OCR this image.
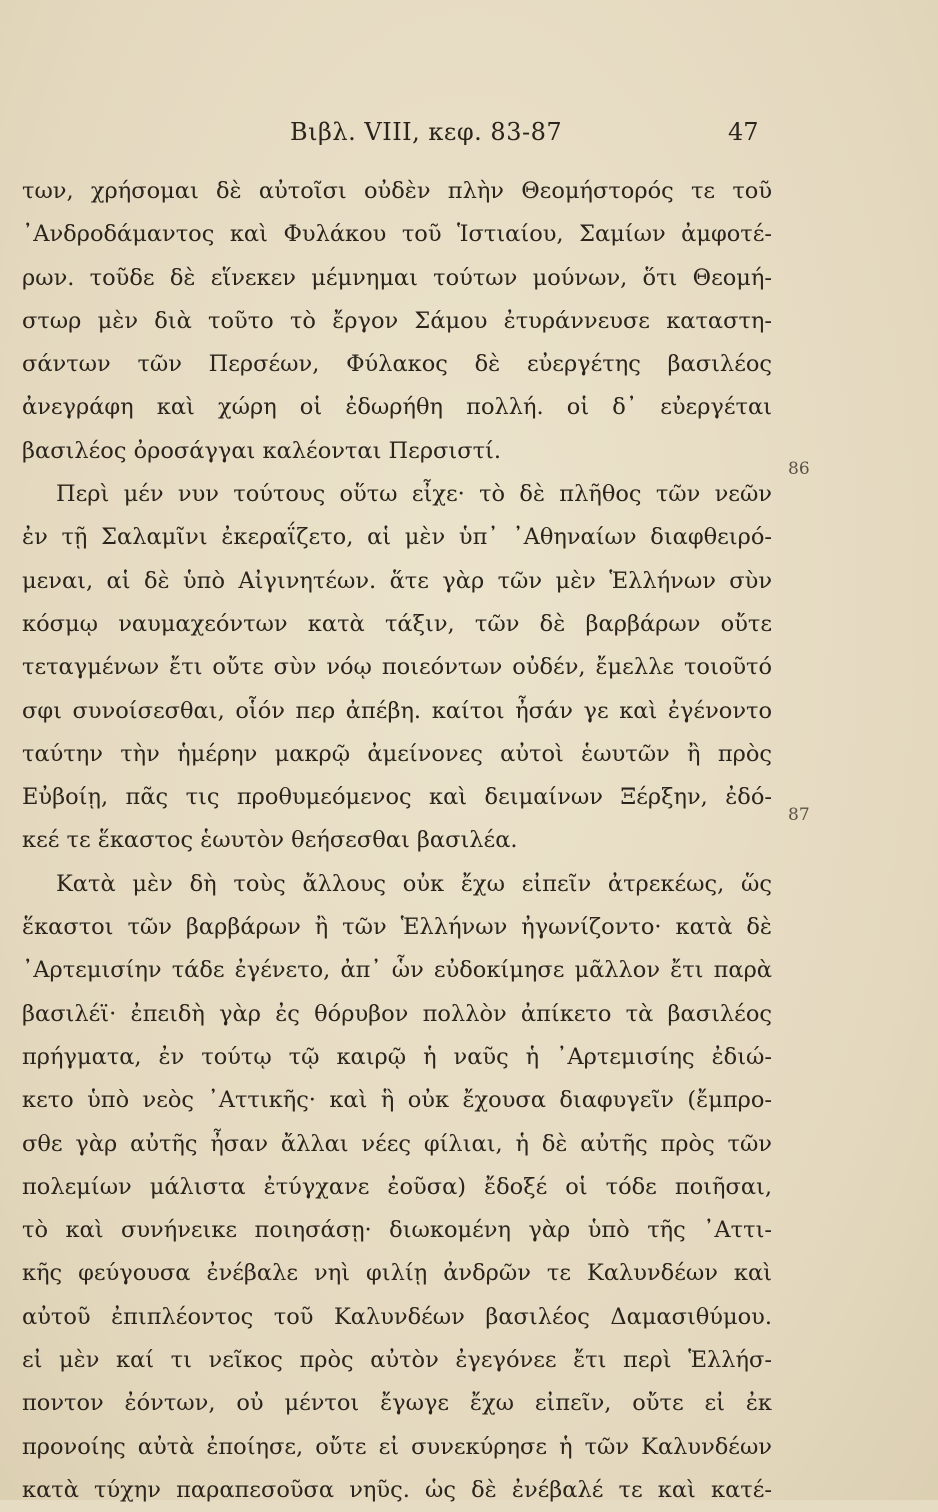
Βιβλ. VIII, κεφ. 83-87	47
των, χρήσομαι δὲ αὐτοῖσι οὐδὲν πλὴν Θεομήστορός τε τοῦ
᾿Ανδροδάμαντος καὶ Φυλάκου τοῦ Ἱστιαίου, Σαμίων ἀμφοτέ-
ρων. τοῦδε δὲ εἵνεκεν μέμνημαι τούτων μούνων, ὅτι Θεομή-
στωρ μὲν διὰ τοῦτο τὸ ἔργον Σάμου ἐτυράννευσε καταστη-
σάντων τῶν Περσέων, Φύλακος δὲ εὐεργέτης βασιλέος
ἀνεγράφη καὶ χώρη οἱ ἐδωρήθη πολλή. οἱ δ᾿ εὐεργέται
βασιλέος ὀροσάγγαι καλέονται Περσιστί.
Περὶ μέν νυν τούτους οὕτω εἶχε· τὸ δὲ πλῆθος τῶν νεῶν
ἐν τῇ Σαλαμῖνι ἐκεραΐζετο, αἱ μὲν ὑπ᾿ ᾿Αθηναίων διαφθειρό-
μεναι, αἱ δὲ ὑπὸ Αἰγινητέων. ἅτε γὰρ τῶν μὲν Ἑλλήνων σὺν
κόσμῳ ναυμαχεόντων κατὰ τάξιν, τῶν δὲ βαρβάρων οὔτε
τεταγμένων ἔτι οὔτε σὺν νόῳ ποιεόντων οὐδέν, ἔμελλε τοιοῦτό
σφι συνοίσεσθαι, οἷόν περ ἀπέβη. καίτοι ἦσάν γε καὶ ἐγένοντο
ταύτην τὴν ἡμέρην μακρῷ ἀμείνονες αὐτοὶ ἑωυτῶν ἢ πρὸς
Εὐβοίῃ, πᾶς τις προθυμεόμενος καὶ δειμαίνων Ξέρξην, ἐδό-
κεέ τε ἕκαστος ἑωυτὸν θεήσεσθαι βασιλέα.
Κατὰ μὲν δὴ τοὺς ἄλλους οὐκ ἔχω εἰπεῖν ἀτρεκέως, ὥς
ἕκαστοι τῶν βαρβάρων ἢ τῶν Ἑλλήνων ἠγωνίζοντο· κατὰ δὲ
᾿Αρτεμισίην τάδε ἐγένετο, ἀπ᾿ ὧν εὐδοκίμησε μᾶλλον ἔτι παρὰ
βασιλέϊ· ἐπειδὴ γὰρ ἐς θόρυβον πολλὸν ἀπίκετο τὰ βασιλέος
πρήγματα, ἐν τούτῳ τῷ καιρῷ ἡ ναῦς ἡ ᾿Αρτεμισίης ἐδιώ-
κετο ὑπὸ νεὸς ᾿Αττικῆς· καὶ ἣ οὐκ ἔχουσα διαφυγεῖν (ἔμπρο-
σθε γὰρ αὐτῆς ἦσαν ἄλλαι νέες φίλιαι, ἡ δὲ αὐτῆς πρὸς τῶν
πολεμίων μάλιστα ἐτύγχανε ἐοῦσα) ἔδοξέ οἱ τόδε ποιῆσαι,
τὸ καὶ συνήνεικε ποιησάσῃ· διωκομένη γὰρ ὑπὸ τῆς ᾿Αττι-
κῆς φεύγουσα ἐνέβαλε νηὶ φιλίῃ ἀνδρῶν τε Καλυνδέων καὶ
αὐτοῦ ἐπιπλέοντος τοῦ Καλυνδέων βασιλέος Δαμασιθύμου.
εἰ μὲν καί τι νεῖκος πρὸς αὐτὸν ἐγεγόνεε ἔτι περὶ Ἑλλήσ-
ποντον ἐόντων, οὐ μέντοι ἔγωγε ἔχω εἰπεῖν, οὔτε εἰ ἐκ
προνοίης αὐτὰ ἐποίησε, οὔτε εἰ συνεκύρησε ἡ τῶν Καλυνδέων
κατὰ τύχην παραπεσοῦσα νηῦς. ὡς δὲ ἐνέβαλέ τε καὶ κατέ-
86
87
